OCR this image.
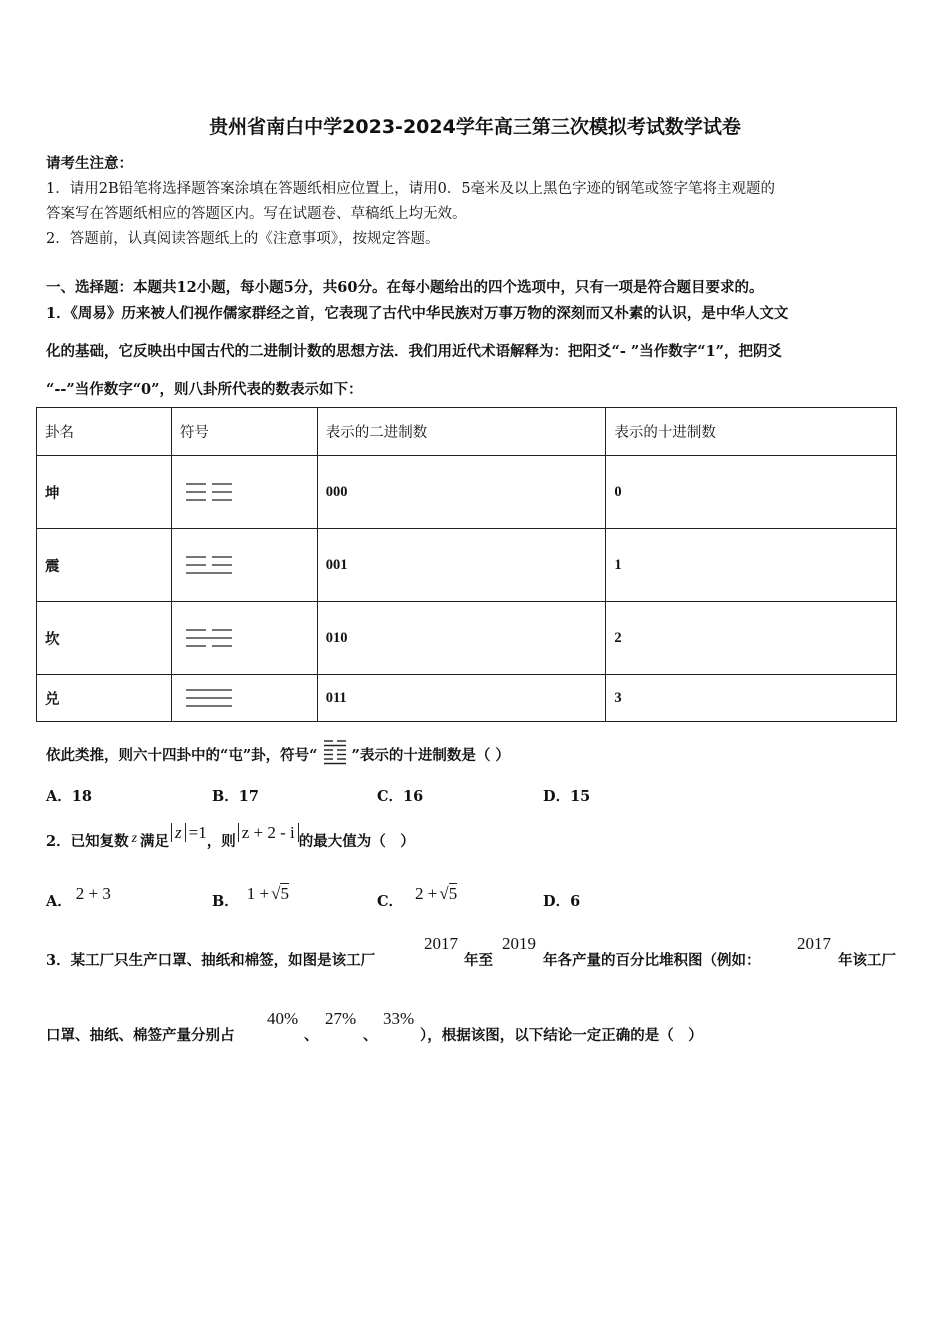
贵州省南白中学2023-2024学年高三第三次模拟考试数学试卷
请考生注意：
1．请用2B铅笔将选择题答案涂填在答题纸相应位置上，请用0．5毫米及以上黑色字迹的钢笔或签字笔将主观题的
答案写在答题纸相应的答题区内。写在试题卷、草稿纸上均无效。
2．答题前，认真阅读答题纸上的《注意事项》，按规定答题。
一、选择题：本题共12小题，每小题5分，共60分。在每小题给出的四个选项中，只有一项是符合题目要求的。
1．《周易》历来被人们视作儒家群经之首，它表现了古代中华民族对万事万物的深刻而又朴素的认识，是中华人文文
化的基础，它反映出中国古代的二进制计数的思想方法．我们用近代术语解释为：把阳爻“- ”当作数字“1”，把阴爻
“--”当作数字“0”，则八卦所代表的数表示如下：
卦名	符号	表示的二进制数	表示的十进制数
坤		000	0
震		001	1
坎		010	2
兑		011	3
依此类推，则六十四卦中的“屯”卦，符号“ ”表示的十进制数是（ ）
A．18	B．17	C．16	D．15
2．已知复数 z 满足 z =1，则 z + 2 - i 的最大值为（　）
A． 2 + 3	B． 1 + √5	C． 2 + √5	D．6
3．某工厂只生产口罩、抽纸和棉签，如图是该工厂
2017
年至
2019
年各产量的百分比堆积图（例如：
2017
年该工厂
口罩、抽纸、棉签产量分别占
40%
、
27%
、
33%
），根据该图，以下结论一定正确的是（　）
